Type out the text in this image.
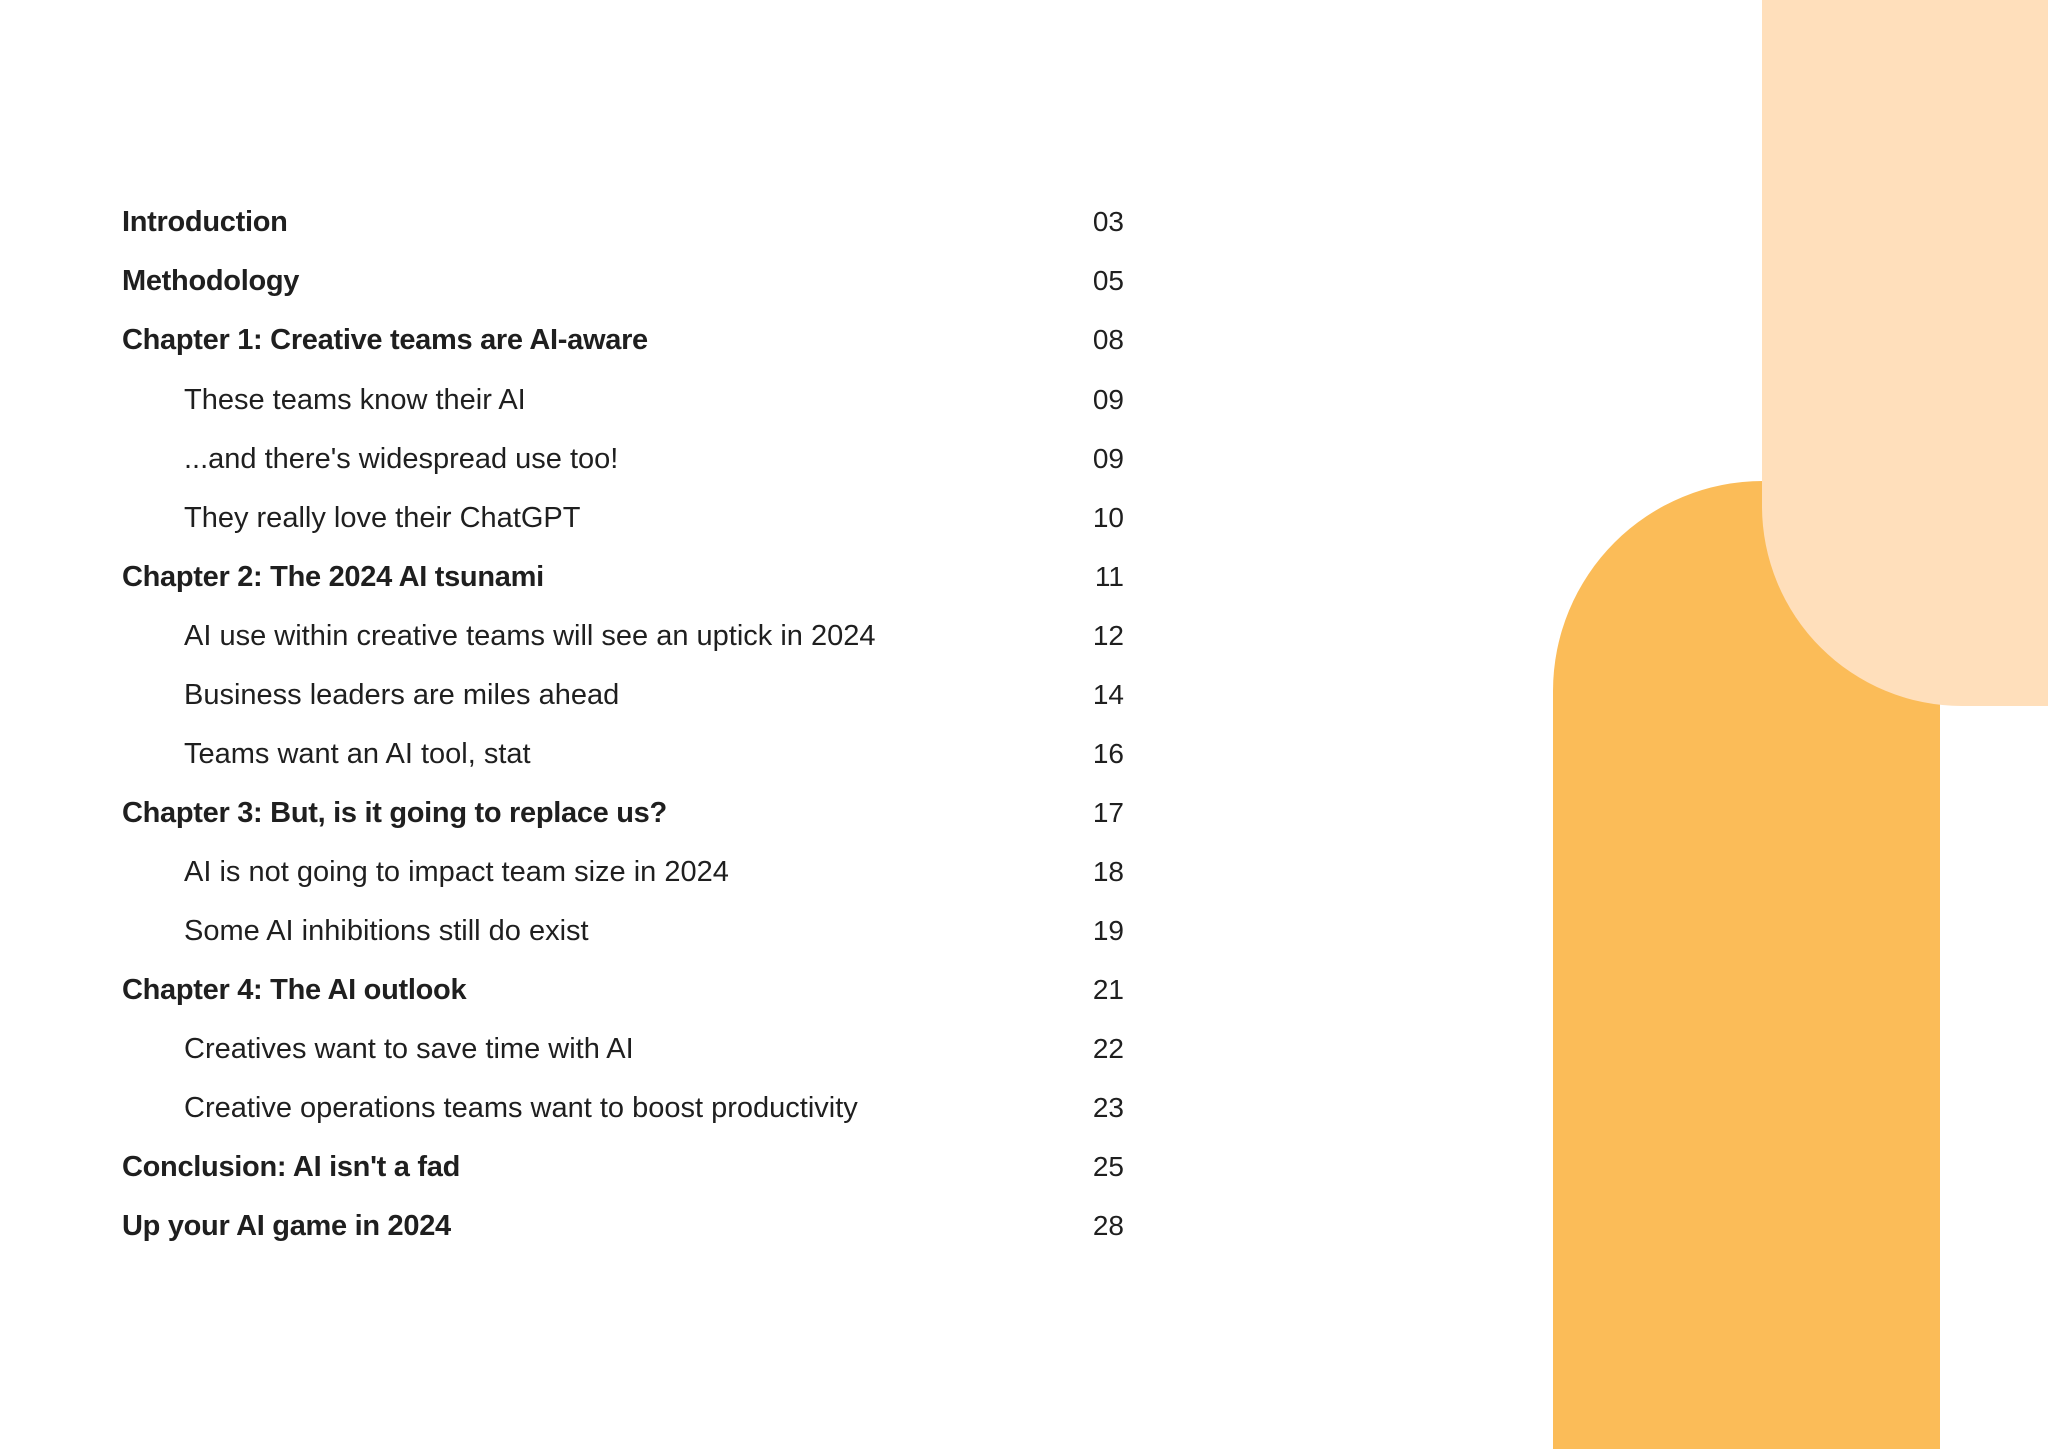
Introduction	03
Methodology	05
Chapter 1: Creative teams are AI-aware	08
These teams know their AI	09
...and there's widespread use too!	09
They really love their ChatGPT	10
Chapter 2: The 2024 AI tsunami	11
AI use within creative teams will see an uptick in 2024	12
Business leaders are miles ahead	14
Teams want an AI tool, stat	16
Chapter 3: But, is it going to replace us?	17
AI is not going to impact team size in 2024	18
Some AI inhibitions still do exist	19
Chapter 4: The AI outlook	21
Creatives want to save time with AI	22
Creative operations teams want to boost productivity	23
Conclusion: AI isn't a fad	25
Up your AI game in 2024	28
